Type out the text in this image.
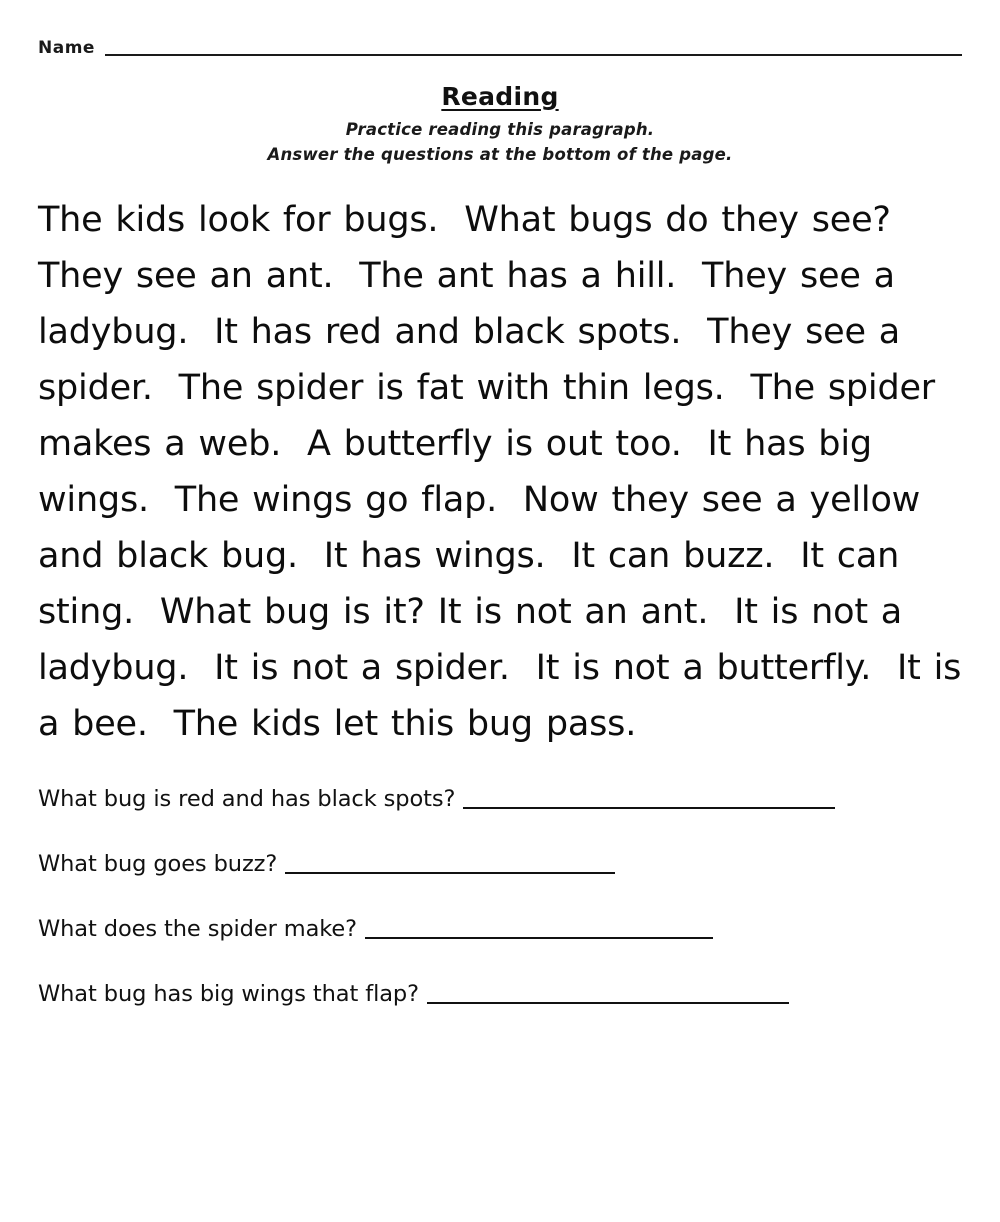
Name
Reading
Practice reading this paragraph.
Answer the questions at the bottom of the page.
The kids look for bugs.  What bugs do they see?  They see an ant.  The ant has a hill.  They see a ladybug.  It has red and black spots.  They see a spider.  The spider is fat with thin legs.  The spider makes a web.  A butterfly is out too.  It has big wings.  The wings go flap.  Now they see a yellow and black bug.  It has wings.  It can buzz.  It can sting.  What bug is it? It is not an ant.  It is not a ladybug.  It is not a spider.  It is not a butterfly.  It is a bee.  The kids let this bug pass.
What bug is red and has black spots?
What bug goes buzz?
What does the spider make?
What bug has big wings that flap?
